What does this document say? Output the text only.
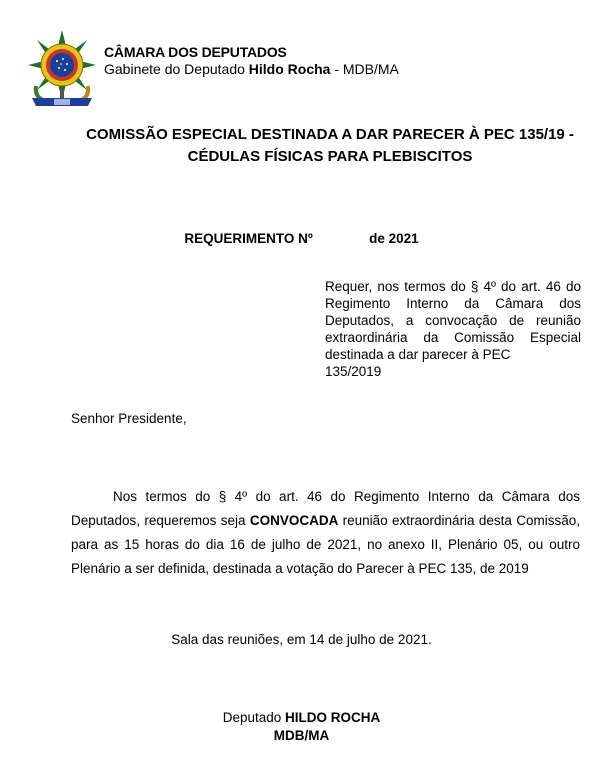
CÂMARA DOS DEPUTADOS
Gabinete do Deputado Hildo Rocha - MDB/MA
COMISSÃO ESPECIAL DESTINADA A DAR PARECER À PEC 135/19 - CÉDULAS FÍSICAS PARA PLEBISCITOS
REQUERIMENTO Nº	de 2021
Requer, nos termos do § 4º do art. 46 do Regimento Interno da Câmara dos Deputados, a convocação de reunião extraordinária da Comissão Especial destinada a dar parecer à PEC
135/2019
Senhor Presidente,
Nos termos do § 4º do art. 46 do Regimento Interno da Câmara dos Deputados, requeremos seja CONVOCADA reunião extraordinária desta Comissão, para as 15 horas do dia 16 de julho de 2021, no anexo II, Plenário 05, ou outro Plenário a ser definida, destinada a votação do Parecer à PEC 135, de 2019
Sala das reuniões, em 14 de julho de 2021.
Deputado HILDO ROCHA
MDB/MA
